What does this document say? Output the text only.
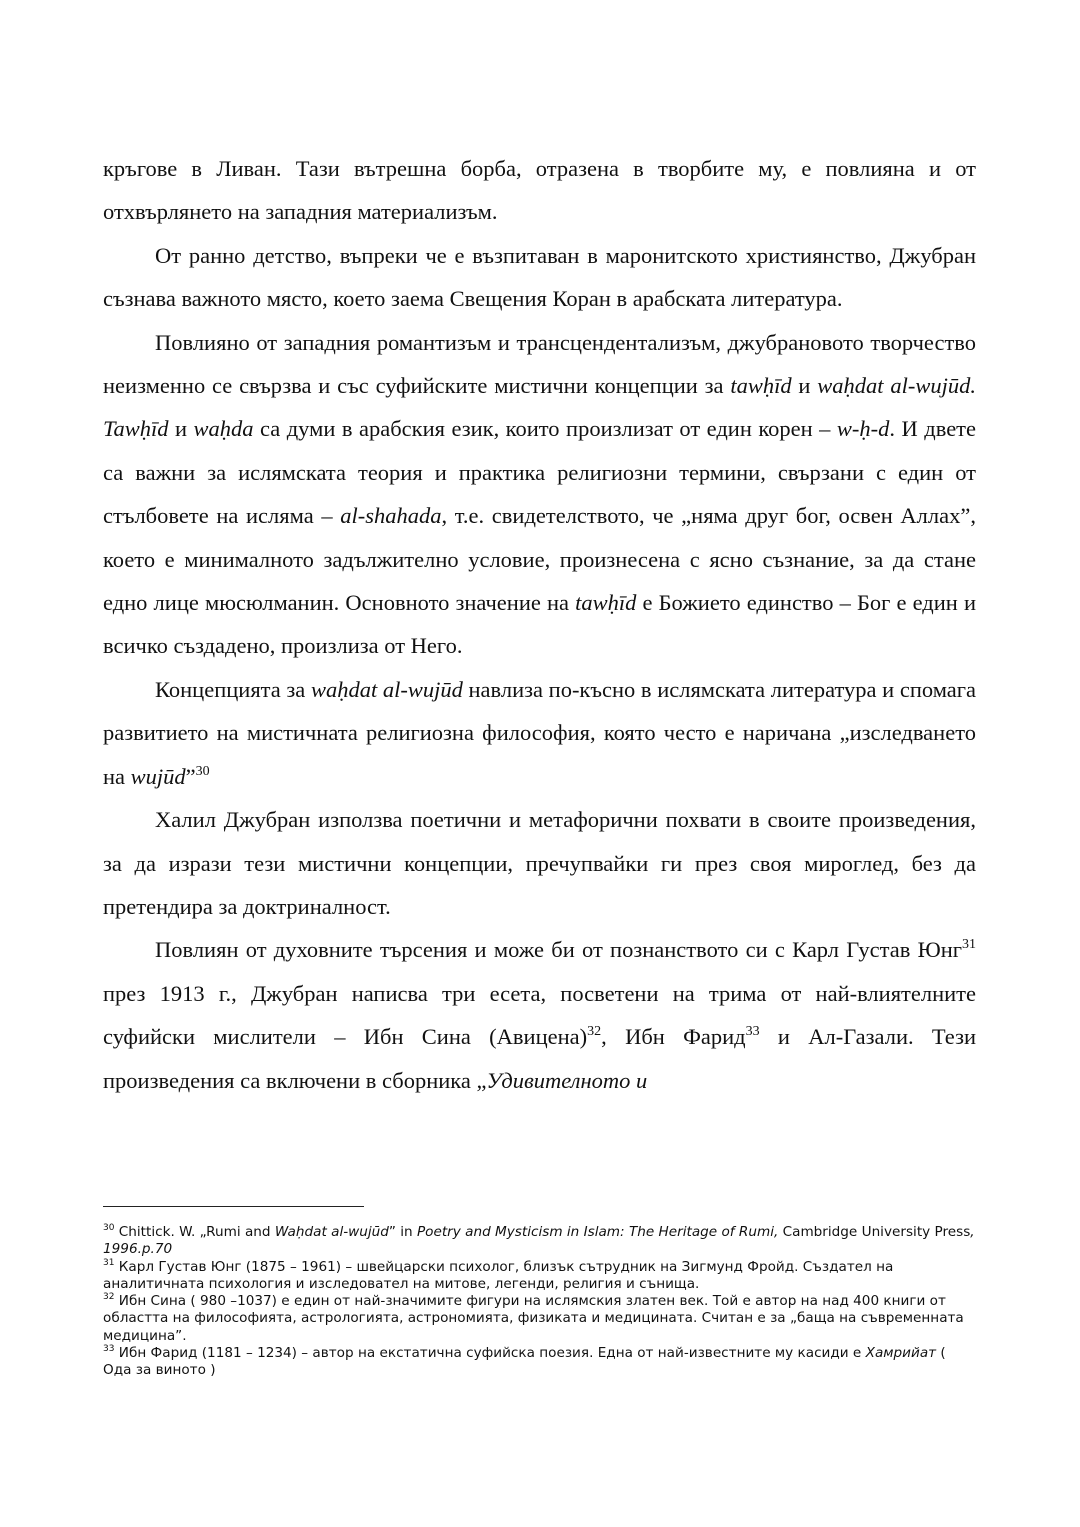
кръгове в Ливан. Тази вътрешна борба, отразена в творбите му, е повлияна и от отхвърлянето на западния материализъм.

От ранно детство, въпреки че е възпитаван в маронитското християнство, Джубран съзнава важното място, което заема Свещения Коран в арабската литература.

Повлияно от западния романтизъм и трансцендентализъм, джубрановото творчество неизменно се свързва и със суфийските мистични концепции за tawḥīd и waḥdat al-wujūd. Tawḥīd и waḥda са думи в арабския език, които произлизат от един корен – w-ḥ-d. И двете са важни за ислямската теория и практика религиозни термини, свързани с един от стълбовете на исляма – al-shahada, т.е. свидетелството, че „няма друг бог, освен Аллах”, което е минималното задължително условие, произнесена с ясно съзнание, за да стане едно лице мюсюлманин. Основното значение на tawḥīd е Божието единство – Бог е един и всичко създадено, произлиза от Него.

Концепцията за waḥdat al-wujūd навлиза по-късно в ислямската литература и спомага развитието на мистичната религиозна философия, която често е наричана „изследването на wujūd”$^{30}$

Халил Джубран използва поетични и метафорични похвати в своите произведения, за да изрази тези мистични концепции, пречупвайки ги през своя мироглед, без да претендира за доктриналност.

Повлиян от духовните търсения и може би от познанството си с Карл Густав Юнг$^{31}$ през 1913 г., Джубран написва три есета, посветени на трима от най-влиятелните суфийски мислители – Ибн Сина (Авицена)$^{32}$, Ибн Фарид$^{33}$ и Ал-Газали. Тези произведения са включени в сборника „Удивителното и

$^{30}$ Chittick. W. „Rumi and Waḥdat al-wujūd” in Poetry and Mysticism in Islam: The Heritage of Rumi, Cambridge University Press, 1996.p.70

$^{31}$ Карл Густав Юнг (1875 – 1961) – швейцарски психолог, близък сътрудник на Зигмунд Фройд. Създател на аналитичната психология и изследовател на митове, легенди, религия и сънища.

$^{32}$ Ибн Сина ( 980 –1037) е един от най-значимите фигури на ислямския златен век. Той е автор на над 400 книги от областта на философията, астрологията, астрономията, физиката и медицината. Считан е за „баща на съвременната медицина”.

$^{33}$ Ибн Фарид (1181 – 1234) – автор на екстатична суфийска поезия. Една от най-известните му касиди е Хамрийат ( Ода за виното )
